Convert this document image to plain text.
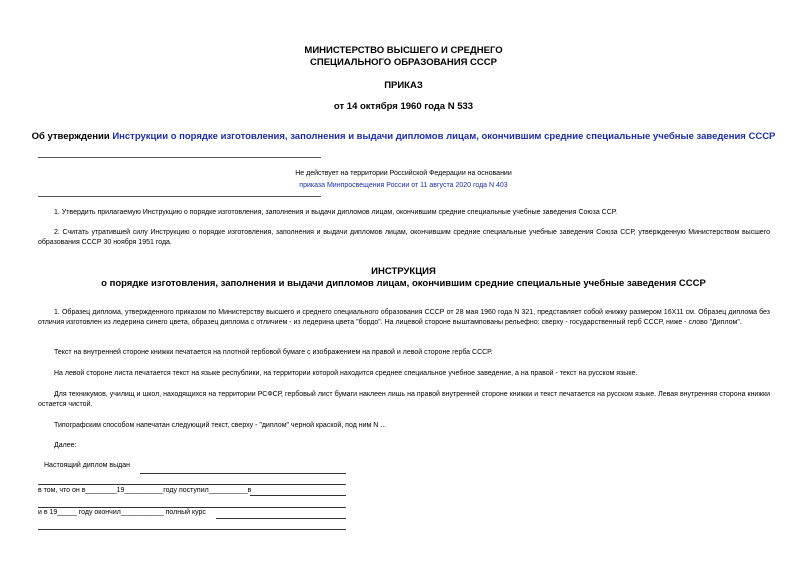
МИНИСТЕРСТВО ВЫСШЕГО И СРЕДНЕГО
СПЕЦИАЛЬНОГО ОБРАЗОВАНИЯ СССР
ПРИКАЗ
от 14 октября 1960 года N 533
Об утверждении Инструкции о порядке изготовления, заполнения и выдачи дипломов лицам, окончившим средние специальные учебные заведения СССР
Не действует на территории Российской Федерации на основании
приказа Минпросвещения России от 11 августа 2020 года N 403

1. Утвердить прилагаемую Инструкцию о порядке изготовления, заполнения и выдачи дипломов лицам, окончившим средние специальные учебные заведения Союза ССР.

2. Считать утратившей силу Инструкцию о порядке изготовления, заполнения и выдачи дипломов лицам, окончившим средние специальные учебные заведения Союза ССР, утвержденную Министерством высшего образования СССР 30 ноября 1951 года.

ИНСТРУКЦИЯ
о порядке изготовления, заполнения и выдачи дипломов лицам, окончившим средние специальные учебные заведения СССР

1. Образец диплома, утвержденного приказом по Министерству высшего и среднего специального образования СССР от 28 мая 1960 года N 321, представляет собой книжку размером 16Х11 см. Образец диплома без отличия изготовлен из ледерина синего цвета, образец диплома с отличием - из ледерина цвета "бордо". На лицевой стороне выштампованы рельефно: сверху - государственный герб СССР, ниже - слово "Диплом".

Текст на внутренней стороне книжки печатается на плотной гербовой бумаге с изображением на правой и левой стороне герба СССР.

На левой стороне листа печатается текст на языке республики, на территории которой находится среднее специальное учебное заведение, а на правой - текст на русском языке.

Для техникумов, училищ и школ, находящихся на территории РСФСР, гербовый лист бумаги наклеен лишь на правой внутренней стороне книжки и текст печатается на русском языке. Левая внутренняя сторона книжки остается чистой.

Типографским способом напечатан следующий текст, сверху - "диплом" черной краской, под ним N ...

Далее:

Настоящий диплом выдан
в том, что он в________19__________году поступил__________в
и в 19_____ году окончил___________ полный курс
